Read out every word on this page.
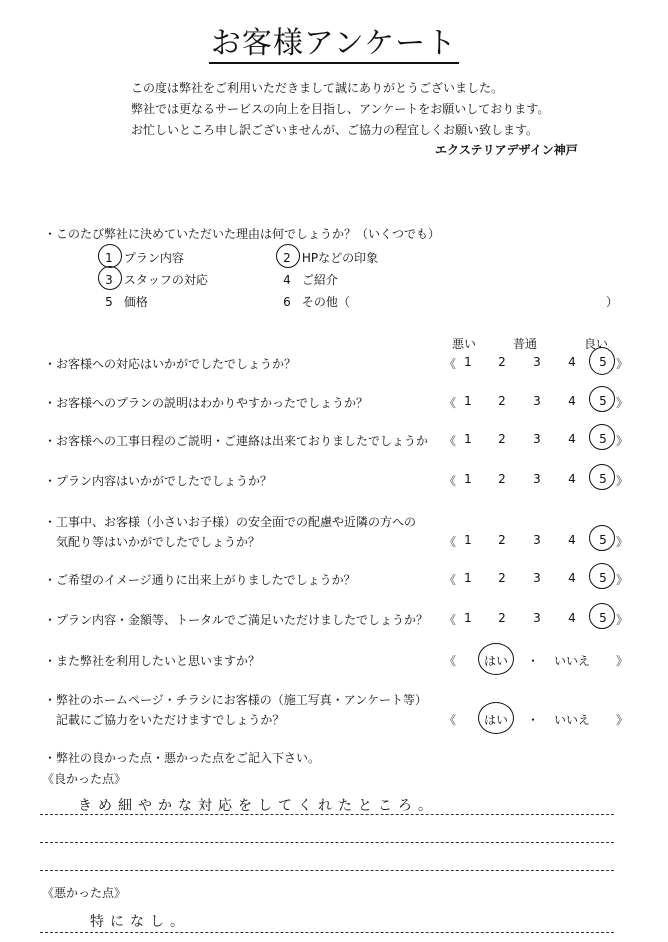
お客様アンケート
この度は弊社をご利用いただきまして誠にありがとうございました。
弊社では更なるサービスの向上を目指し、アンケートをお願いしております。
お忙しいところ申し訳ございませんが、ご協力の程宜しくお願い致します。
エクステリアデザイン神戸
・このたび弊社に決めていただいた理由は何でしょうか？（いくつでも）
1 プラン内容	2 HPなどの印象
3 スタッフの対応	4 ご紹介
5 価格	6 その他（	）
悪い	普通	良い
・お客様への対応はいかがでしたでしょうか？	《 1 2 3 4 5 》
・お客様へのプランの説明はわかりやすかったでしょうか？	《 1 2 3 4 5 》
・お客様への工事日程のご説明・ご連絡は出来ておりましたでしょうか 《 1 2 3 4 5 》
・プラン内容はいかがでしたでしょうか？	《 1 2 3 4 5 》
・工事中、お客様（小さいお子様）の安全面での配慮や近隣の方への
気配り等はいかがでしたでしょうか？	《 1 2 3 4 5 》
・ご希望のイメージ通りに出来上がりましたでしょうか？	《 1 2 3 4 5 》
・プラン内容・金額等、トータルでご満足いただけましたでしょうか？ 《 1 2 3 4 5 》
・また弊社を利用したいと思いますか？	《 はい ・ いいえ 》
・弊社のホームページ・チラシにお客様の（施工写真・アンケート等）
記載にご協力をいただけますでしょうか？	《 はい ・ いいえ 》
・弊社の良かった点・悪かった点をご記入下さい。
《良かった点》
きめ細やかな対応をしてくれたところ。
《悪かった点》
特になし。
